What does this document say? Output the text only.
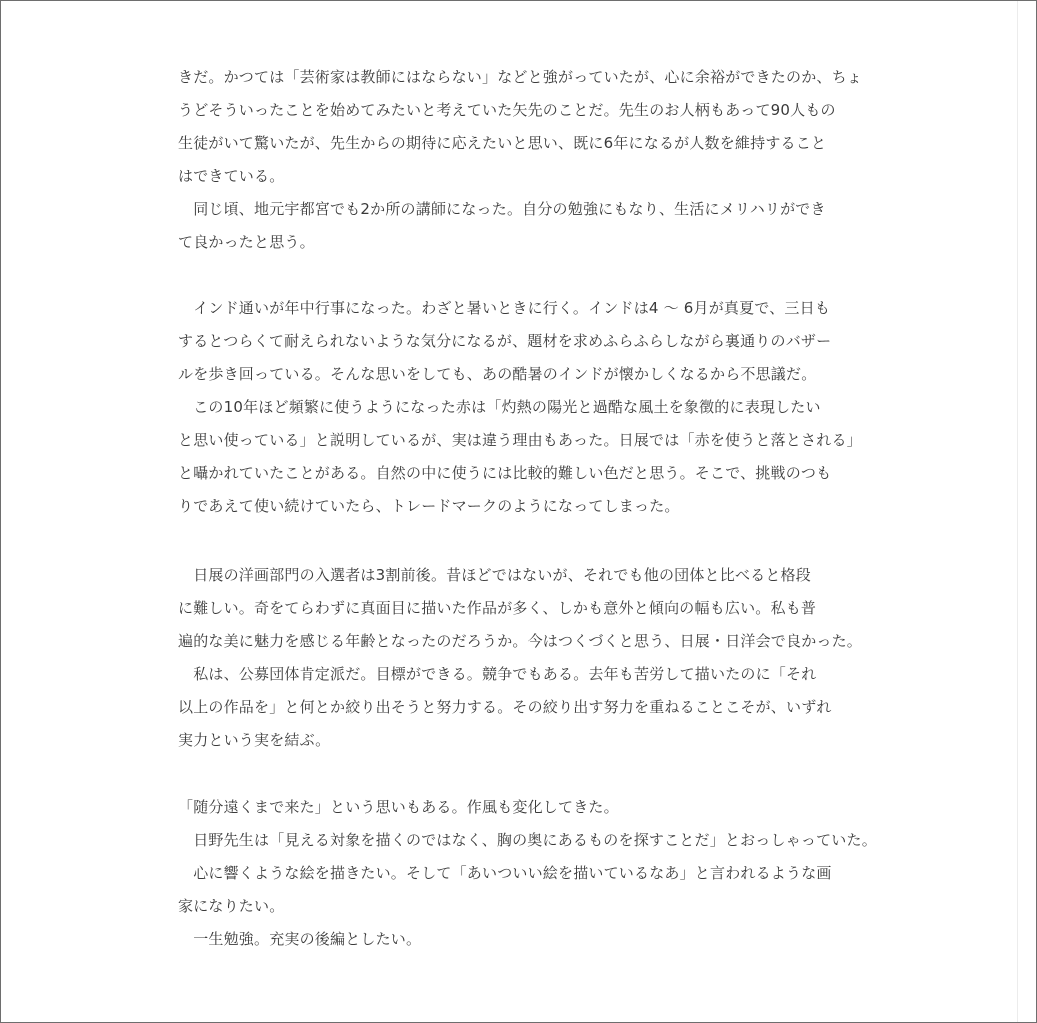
きだ。かつては「芸術家は教師にはならない」などと強がっていたが、心に余裕ができたのか、ちょ
うどそういったことを始めてみたいと考えていた矢先のことだ。先生のお人柄もあって90人もの
生徒がいて驚いたが、先生からの期待に応えたいと思い、既に6年になるが人数を維持すること
はできている。
　同じ頃、地元宇都宮でも2か所の講師になった。自分の勉強にもなり、生活にメリハリができ
て良かったと思う。
　インド通いが年中行事になった。わざと暑いときに行く。インドは4 ～ 6月が真夏で、三日も
するとつらくて耐えられないような気分になるが、題材を求めふらふらしながら裏通りのバザー
ルを歩き回っている。そんな思いをしても、あの酷暑のインドが懐かしくなるから不思議だ。
　この10年ほど頻繁に使うようになった赤は「灼熱の陽光と過酷な風土を象徴的に表現したい
と思い使っている」と説明しているが、実は違う理由もあった。日展では「赤を使うと落とされる」
と囁かれていたことがある。自然の中に使うには比較的難しい色だと思う。そこで、挑戦のつも
りであえて使い続けていたら、トレードマークのようになってしまった。
　日展の洋画部門の入選者は3割前後。昔ほどではないが、それでも他の団体と比べると格段
に難しい。奇をてらわずに真面目に描いた作品が多く、しかも意外と傾向の幅も広い。私も普
遍的な美に魅力を感じる年齢となったのだろうか。今はつくづくと思う、日展・日洋会で良かった。
　私は、公募団体肯定派だ。目標ができる。競争でもある。去年も苦労して描いたのに「それ
以上の作品を」と何とか絞り出そうと努力する。その絞り出す努力を重ねることこそが、いずれ
実力という実を結ぶ。
「随分遠くまで来た」という思いもある。作風も変化してきた。
　日野先生は「見える対象を描くのではなく、胸の奥にあるものを探すことだ」とおっしゃっていた。
　心に響くような絵を描きたい。そして「あいついい絵を描いているなあ」と言われるような画
家になりたい。
　一生勉強。充実の後編としたい。
